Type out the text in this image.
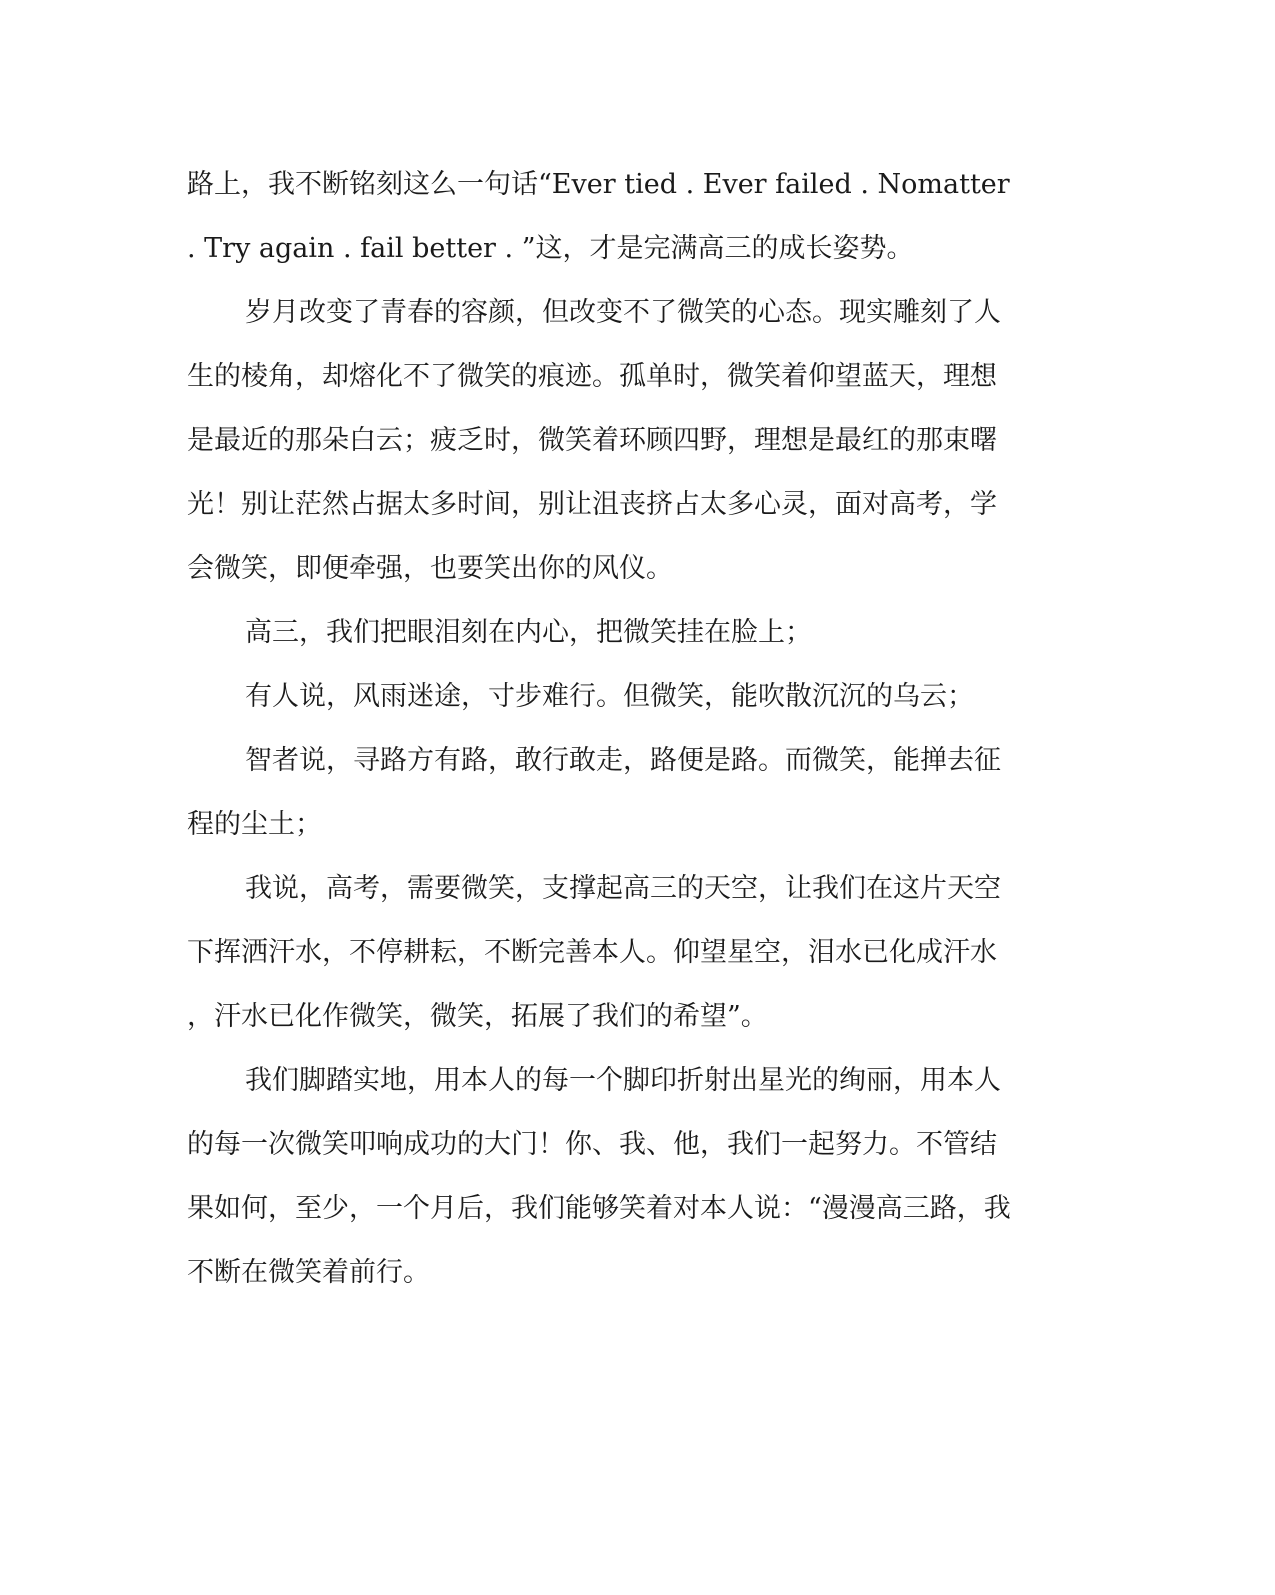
路上，我不断铭刻这么一句话“Ever tied . Ever failed . Nomatter
. Try again . fail better . ”这，才是完满高三的成长姿势。
岁月改变了青春的容颜，但改变不了微笑的心态。现实雕刻了人
生的棱角，却熔化不了微笑的痕迹。孤单时，微笑着仰望蓝天，理想
是最近的那朵白云；疲乏时，微笑着环顾四野，理想是最红的那束曙
光！别让茫然占据太多时间，别让沮丧挤占太多心灵，面对高考，学
会微笑，即便牵强，也要笑出你的风仪。
高三，我们把眼泪刻在内心，把微笑挂在脸上；
有人说，风雨迷途，寸步难行。但微笑，能吹散沉沉的乌云；
智者说，寻路方有路，敢行敢走，路便是路。而微笑，能掸去征
程的尘土；
我说，高考，需要微笑，支撑起高三的天空，让我们在这片天空
下挥洒汗水，不停耕耘，不断完善本人。仰望星空，泪水已化成汗水
，汗水已化作微笑，微笑，拓展了我们的希望”。
我们脚踏实地，用本人的每一个脚印折射出星光的绚丽，用本人
的每一次微笑叩响成功的大门！你、我、他，我们一起努力。不管结
果如何，至少，一个月后，我们能够笑着对本人说：“漫漫高三路，我
不断在微笑着前行。
